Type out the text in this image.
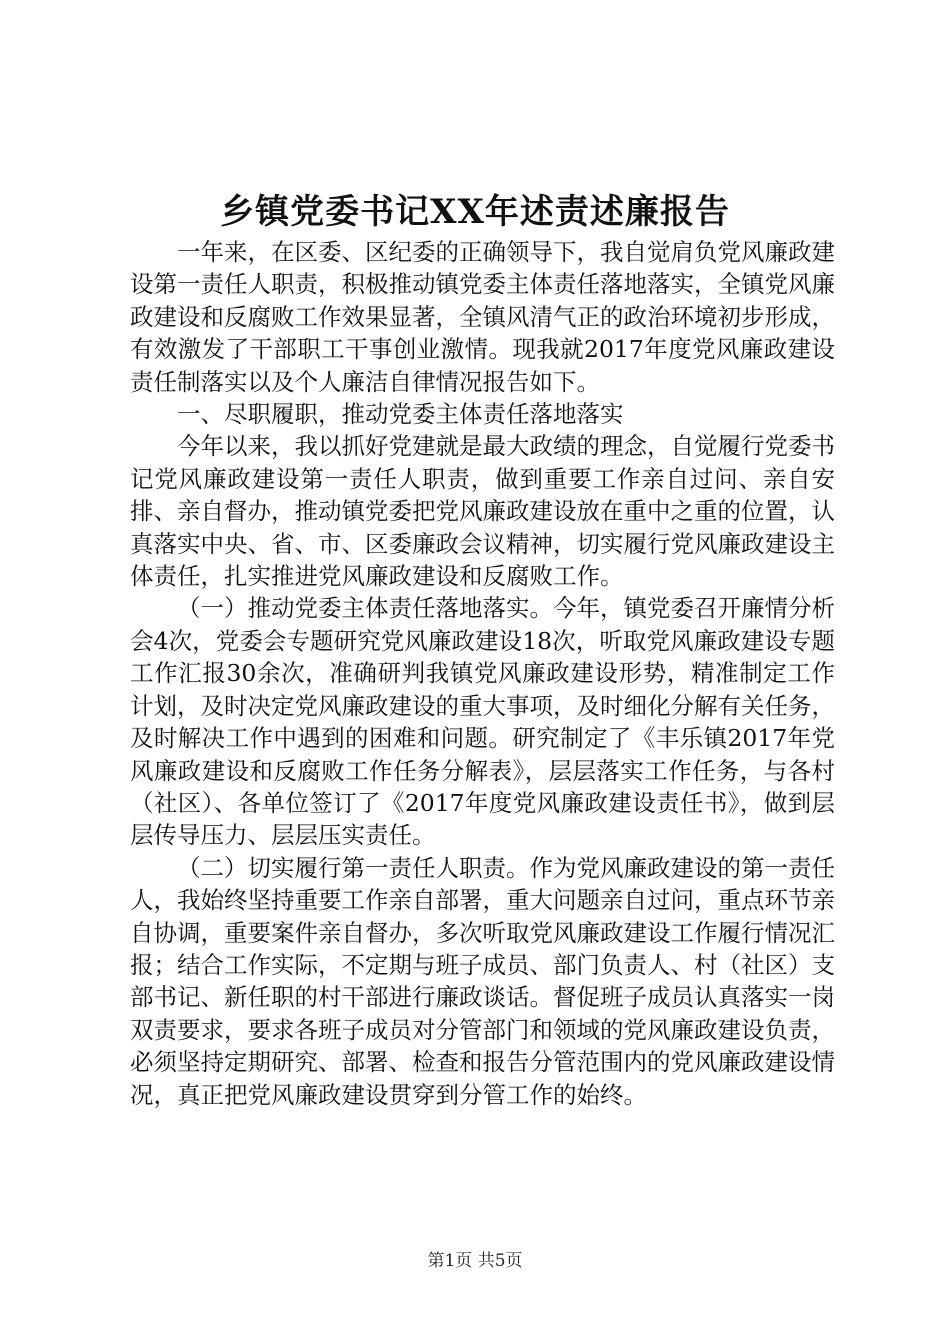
乡镇党委书记XX年述责述廉报告

一年来，在区委、区纪委的正确领导下，我自觉肩负党风廉政建设第一责任人职责，积极推动镇党委主体责任落地落实，全镇党风廉政建设和反腐败工作效果显著，全镇风清气正的政治环境初步形成，有效激发了干部职工干事创业激情。现我就2017年度党风廉政建设责任制落实以及个人廉洁自律情况报告如下。

一、尽职履职，推动党委主体责任落地落实

今年以来，我以抓好党建就是最大政绩的理念，自觉履行党委书记党风廉政建设第一责任人职责，做到重要工作亲自过问、亲自安排、亲自督办，推动镇党委把党风廉政建设放在重中之重的位置，认真落实中央、省、市、区委廉政会议精神，切实履行党风廉政建设主体责任，扎实推进党风廉政建设和反腐败工作。

（一）推动党委主体责任落地落实。今年，镇党委召开廉情分析会4次，党委会专题研究党风廉政建设18次，听取党风廉政建设专题工作汇报30余次，准确研判我镇党风廉政建设形势，精准制定工作计划，及时决定党风廉政建设的重大事项，及时细化分解有关任务，及时解决工作中遇到的困难和问题。研究制定了《丰乐镇2017年党风廉政建设和反腐败工作任务分解表》，层层落实工作任务，与各村（社区）、各单位签订了《2017年度党风廉政建设责任书》，做到层层传导压力、层层压实责任。

（二）切实履行第一责任人职责。作为党风廉政建设的第一责任人，我始终坚持重要工作亲自部署，重大问题亲自过问，重点环节亲自协调，重要案件亲自督办，多次听取党风廉政建设工作履行情况汇报；结合工作实际，不定期与班子成员、部门负责人、村（社区）支部书记、新任职的村干部进行廉政谈话。督促班子成员认真落实一岗双责要求，要求各班子成员对分管部门和领域的党风廉政建设负责，必须坚持定期研究、部署、检查和报告分管范围内的党风廉政建设情况，真正把党风廉政建设贯穿到分管工作的始终。

第1页 共5页
